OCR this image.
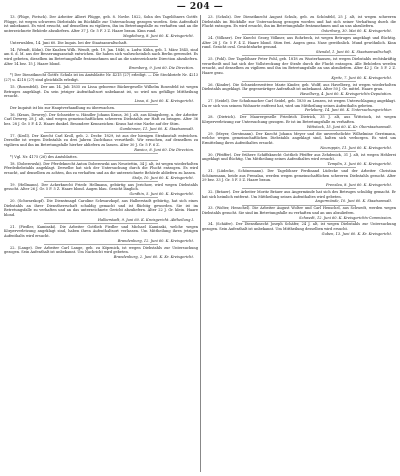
— 204 —

13. (Plüge, Pietsch). Der Arbeiter Albert Plügge, geb. 8. Novbr. 1822, Sohn des Tagelöhners Gottfr. Plügge, ist wegen schweren Diebstahls im Rückfalle zur Untersuchung gezogen worden. Sein Aufenthalt ist unbekannt. Es wird ersucht, auf denselben zu vigiliren, ihn im Betretungsfalle zu verhaften und an die unterzeichnete Behörde abzuliefern. Alter 37 J. Gr. 5 F. 3 Z. Haare braun. Kinn rund.
Magdeburg, 8. Juni 60. K. Kreisgericht.

Unterwalden, 14. Juni 60. Die Inquis. bei der Staatsanwaltschaft.

14. (Wendt, Kühn). Die Knaben Wilh. Wendt, geb. 19. Jan. 1846, u. Ludw. Kühn, geb. 1. März 1845, sind am 6. d. M. aus der Besserungsanstalt entwichen. Sie haben sich wahrscheinlich nach Berlin gewendet. Es wird gebeten, dieselben im Betretungsfalle festzunehmen und an die unterzeichnete Direction abzuliefern. Alter 14 bez. 15 J. Haare blond.
Bromberg, 9. Juni 60. Die Direction.

*) Der Dienstknecht Gottfr. Schulz ist im Amtsblatte Nr. 4215 (27) erledigt. — Die Steckbriefe Nr. 4213 (27) u. 4218 (27) sind gleichfalls erledigt.

15. (Rosenfeld). Der am 14. Juli 1835 zu Lissa geborene Bäckergeselle Wilhelm Rosenfeld ist wegen Betruges angeklagt. Da sein jetziger Aufenthaltsort unbekannt ist, so wird um gefällige Mittheilung ersucht.
Lissa, 6. Juni 60. K. Kreisgericht.

Der Inquisit ist bis zur Hauptverhandlung zu überwachen.

16. (Kraus, Dewrey). Der Schneider u. Händler Johann Kraus, 36 J. alt, aus Königsberg, u. der Arbeiter Carl Dewrey, 28 J. alt, sind wegen gemeinschaftlichen schweren Diebstahls zur Haft zu bringen. Alter 36 bez. 28 J. Gr. 5 F. 4 Z. Haare dunkel. Besondere Kennzeichen: Kraus hat eine Narbe auf der Stirn.
Gumbinnen, 11. Juni 60. K. Staatsanwalt.

17. (Kroll). Der Knecht Carl Kroll, geb. 2. Decbr. 1829, ist aus der hiesigen Strafanstalt entwichen. Derselbe ist wegen Diebstahls zu drei Jahren Zuchthaus verurtheilt. Wir ersuchen, auf denselben zu vigiliren und ihn im Betretungsfalle hierher abliefern zu lassen. Alter 30 J. Gr. 5 F. 6 Z.
Rawicz, 8. Juni 60. Die Direction.

*) Vgl. Nr. 4175 (26) des Amtsblattes.

18. (Doberowski). Der Pferdeknecht Anton Doberowski aus Neustettin, 34 J. alt, ist wegen wiederholten Pferdediebstahls angeklagt. Derselbe hat sich der Untersuchung durch die Flucht entzogen. Es wird ersucht, auf denselben zu achten, ihn zu verhaften und an die unterzeichnete Behörde abliefern zu lassen.
Stolp, 10. Juni 60. K. Kreisgericht.

19. (Hellmann). Der Ackerknecht Friedr. Hellmann, gebürtig aus Jerichow, wird wegen Diebstahls gesucht. Alter 26 J. Gr. 5 F. 5 Z. Haare blond. Augen blau. Gesicht länglich.
Genthin, 5. Juni 60. K. Kreisgericht.

20. (Schwarzkopf). Die Dienstmagd Caroline Schwarzkopf, aus Halberstadt gebürtig, hat sich eines Diebstahls an ihrer Dienstherrschaft schuldig gemacht und ist flüchtig geworden. Sie ist im Betretungsfalle zu verhaften und an das unterzeichnete Gericht abzuliefern. Alter 22 J. Gr. klein. Haare blond.
Halberstadt, 9. Juni 60. K. Kreisgericht. Abtheilung I.

21. (Fiedler, Kaminski). Die Arbeiter Gottlieb Fiedler und Michael Kaminski, welche wegen Körperverletzung angeklagt sind, haben ihren Aufenthaltsort verlassen. Um Mittheilung ihres jetzigen Aufenthalts wird ersucht.
Brandenburg, 12. Juni 60. K. Kreisgericht.

22. (Lange). Der Arbeiter Carl Lange, geb. zu Köpenick, ist wegen Diebstahls zur Untersuchung gezogen. Sein Aufenthalt ist unbekannt. Um Nachricht wird gebeten.
Brandenburg, 2. Juni 60. K. Kr. Kreisgericht.

23. (Schulz). Der Dienstknecht August Schulz, geb. zu Schönfeld, 25 J. alt, ist wegen schweren Diebstahls im Rückfalle zur Untersuchung gezogen worden und hat sich seiner Verhaftung durch die Flucht entzogen. Es wird ersucht, ihn im Betretungsfalle festzunehmen und an uns abzuliefern.
Osterburg, 30. Mai 60. K. Kreisgericht.

24. (Völkner). Der Knecht Georg Völkner, aus Rohrbeck, ist wegen Betruges angeklagt und flüchtig. Alter 28 J. Gr. 5 F. 4 Z. Haare blond. Stirn frei. Augen grau. Nase gewöhnlich. Mund gewöhnlich. Kinn rund. Gesicht oval. Gesichtsfarbe gesund.
Stendal, 1. Juni 60. K. Staatsanwaltschaft.

25. (Pohl). Der Tagelöhner Peter Pohl, geb. 1818 zu Wusterhausen, ist wegen Diebstahls rechtskräftig verurtheilt und hat sich der Vollstreckung der Strafe durch die Flucht entzogen. Alle Behörden werden ersucht, auf denselben zu vigiliren und ihn im Betretungsfalle an uns abzuliefern. Alter 42 J. Gr. 5 F. 2 Z. Haare grau.
Kyritz, 7. Juni 60. K. Kreisgericht.

26. (Kinder). Die Schneiderswittwe Marie Kinder, geb. Wolff, aus Havelberg, ist wegen wiederholten Diebstahls angeklagt. Ihr gegenwärtiger Aufenthalt ist unbekannt. Alter 50 J. Gr. mittel. Haare grau.
Havelberg, 4. Juni 60. K. Kreisgerichts-Deputation.

27. (Seidel). Der Schuhmacher Carl Seidel, geb. 1830 zu Lenzen, ist wegen Unterschlagung angeklagt. Da er sich von seinem Wohnorte entfernt hat, wird um Mittheilung seines Aufenthalts gebeten.
Perleberg, 14. Juni 60. K. Untersuchungsrichter.

28. (Dietrich). Der Maurergeselle Friedrich Dietrich, 35 J. alt, aus Wittstock, ist wegen Körperverletzung zur Untersuchung gezogen. Er ist im Betretungsfalle zu verhaften.
Wittstock, 15. Juni 60. K. Kr. Oberstaatsanwalt.

29. (Meyer, Gerstmann). Der Knecht Johann Meyer und die unverehelichte Wilhelmine Gerstmann, welche wegen gemeinschaftlichen Diebstahls angeklagt sind, halten sich verborgen. Es wird um Ermittelung ihres Aufenthaltes ersucht.
Neuruppin, 11. Juni 60. K. Kreisgericht.

30. (Pfeiffer). Der frühere Schiffsknecht Gottlieb Pfeiffer aus Zehdenick, 31 J. alt, ist wegen Hehlerei angeklagt und flüchtig. Um Mittheilung seines Aufenthaltes wird ersucht.
Templin, 3. Juni 60. K. Kreisgericht.

31. (Lüdecke, Schönemann). Der Tagelöhner Ferdinand Lüdecke und der Arbeiter Christian Schönemann, beide aus Prenzlau, werden wegen gemeinschaftlichen schweren Diebstahls gesucht. Alter 29 bez. 33 J. Gr. 5 F. 5 Z. Haare braun.
Prenzlau, 8. Juni 60. K. Kreisgericht.

32. (Bräuer). Der Arbeiter Moritz Bräuer aus Angermünde hat sich des Betruges schuldig gemacht. Er hat sich heimlich entfernt. Um Mittheilung seines Aufenthaltes wird gebeten.
Angermünde, 10. Juni 60. K. Staatsanwalt.

33. (Wolter, Henschel). Die Arbeiter August Wolter und Carl Henschel, aus Schwedt, werden wegen Diebstahls gesucht. Sie sind im Betretungsfalle zu verhaften und an uns abzuliefern.
Schwedt, 12. Juni 60. K. Kreisgerichts-Commission.

34. (Schäfer). Der Dienstknecht Joseph Schäfer, 24 J. alt, ist wegen Diebstahls zur Untersuchung gezogen. Sein Aufenthalt ist unbekannt. Um Mittheilung desselben wird ersucht.
Guben, 13. Juni 60. K. Kr. Kreisgericht.
